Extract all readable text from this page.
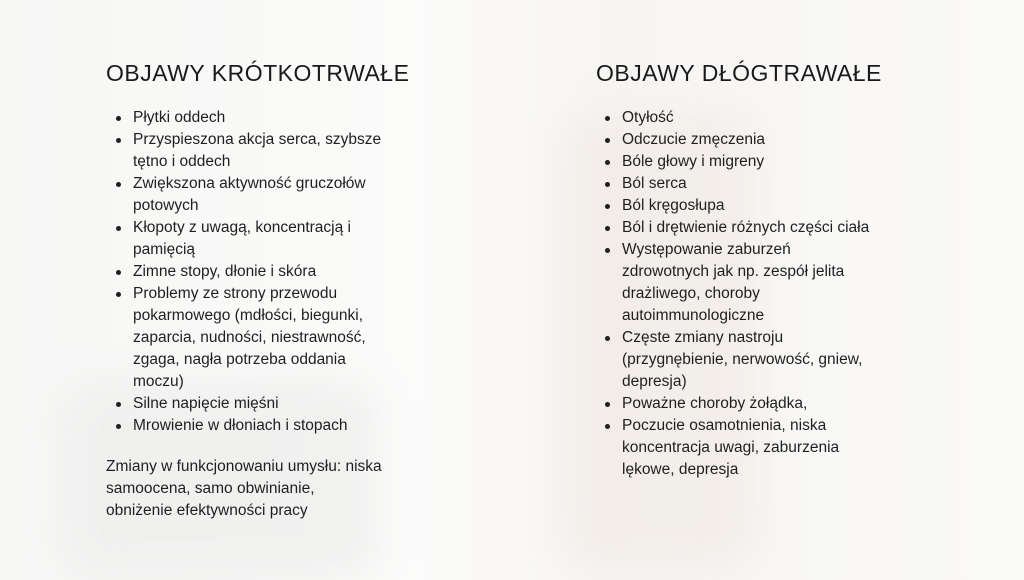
OBJAWY KRÓTKOTRWAŁE
Płytki oddech
Przyspieszona akcja serca, szybsze
tętno i oddech
Zwiększona aktywność gruczołów
potowych
Kłopoty z uwagą, koncentracją i
pamięcią
Zimne stopy, dłonie i skóra
Problemy ze strony przewodu
pokarmowego (mdłości, biegunki,
zaparcia, nudności, niestrawność,
zgaga, nagła potrzeba oddania
moczu)
Silne napięcie mięśni
Mrowienie w dłoniach i stopach
Zmiany w funkcjonowaniu umysłu: niska
samoocena, samo obwinianie,
obniżenie efektywności pracy
OBJAWY DŁÓGTRAWAŁE
Otyłość
Odczucie zmęczenia
Bóle głowy i migreny
Ból serca
Ból kręgosłupa
Ból i drętwienie różnych części ciała
Występowanie zaburzeń
zdrowotnych jak np. zespół jelita
drażliwego, choroby
autoimmunologiczne
Częste zmiany nastroju
(przygnębienie, nerwowość, gniew,
depresja)
Poważne choroby żołądka,
Poczucie osamotnienia, niska
koncentracja uwagi, zaburzenia
lękowe, depresja
